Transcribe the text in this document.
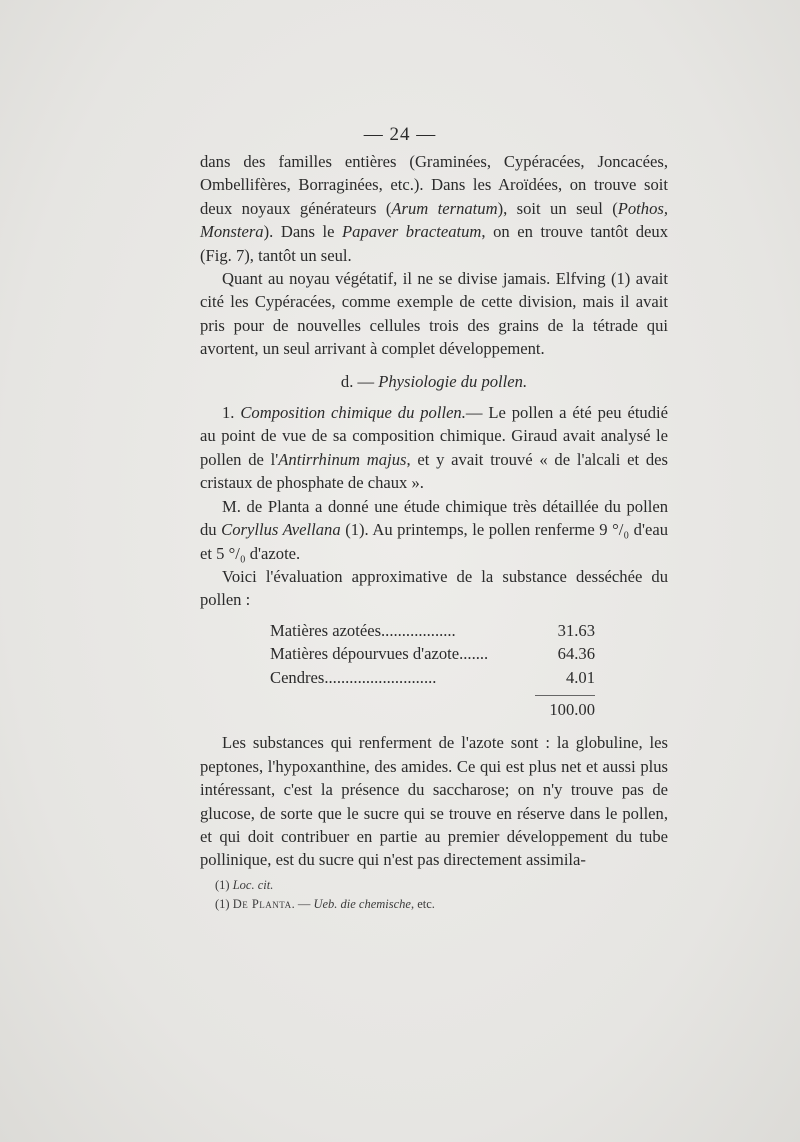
— 24 —

dans des familles entières (Graminées, Cypéracées, Joncacées, Ombellifères, Borraginées, etc.). Dans les Aroïdées, on trouve soit deux noyaux générateurs (Arum ternatum), soit un seul (Pothos, Monstera). Dans le Papaver bracteatum, on en trouve tantôt deux (Fig. 7), tantôt un seul.

Quant au noyau végétatif, il ne se divise jamais. Elfving (1) avait cité les Cypéracées, comme exemple de cette division, mais il avait pris pour de nouvelles cellules trois des grains de la tétrade qui avortent, un seul arrivant à complet développement.

d. — Physiologie du pollen.

1. Composition chimique du pollen.— Le pollen a été peu étudié au point de vue de sa composition chimique. Giraud avait analysé le pollen de l'Antirrhinum majus, et y avait trouvé « de l'alcali et des cristaux de phosphate de chaux ».

M. de Planta a donné une étude chimique très détaillée du pollen du Coryllus Avellana (1). Au printemps, le pollen renferme 9 °/₀ d'eau et 5 °/₀ d'azote.

Voici l'évaluation approximative de la substance desséchée du pollen :

Matières azotées..................	31.63
Matières dépourvues d'azote.......	64.36
Cendres...........................	4.01
100.00

Les substances qui renferment de l'azote sont : la globuline, les peptones, l'hypoxanthine, des amides. Ce qui est plus net et aussi plus intéressant, c'est la présence du saccharose; on n'y trouve pas de glucose, de sorte que le sucre qui se trouve en réserve dans le pollen, et qui doit contribuer en partie au premier développement du tube pollinique, est du sucre qui n'est pas directement assimila-

(1) Loc. cit.

(1) De Planta. — Ueb. die chemische, etc.
